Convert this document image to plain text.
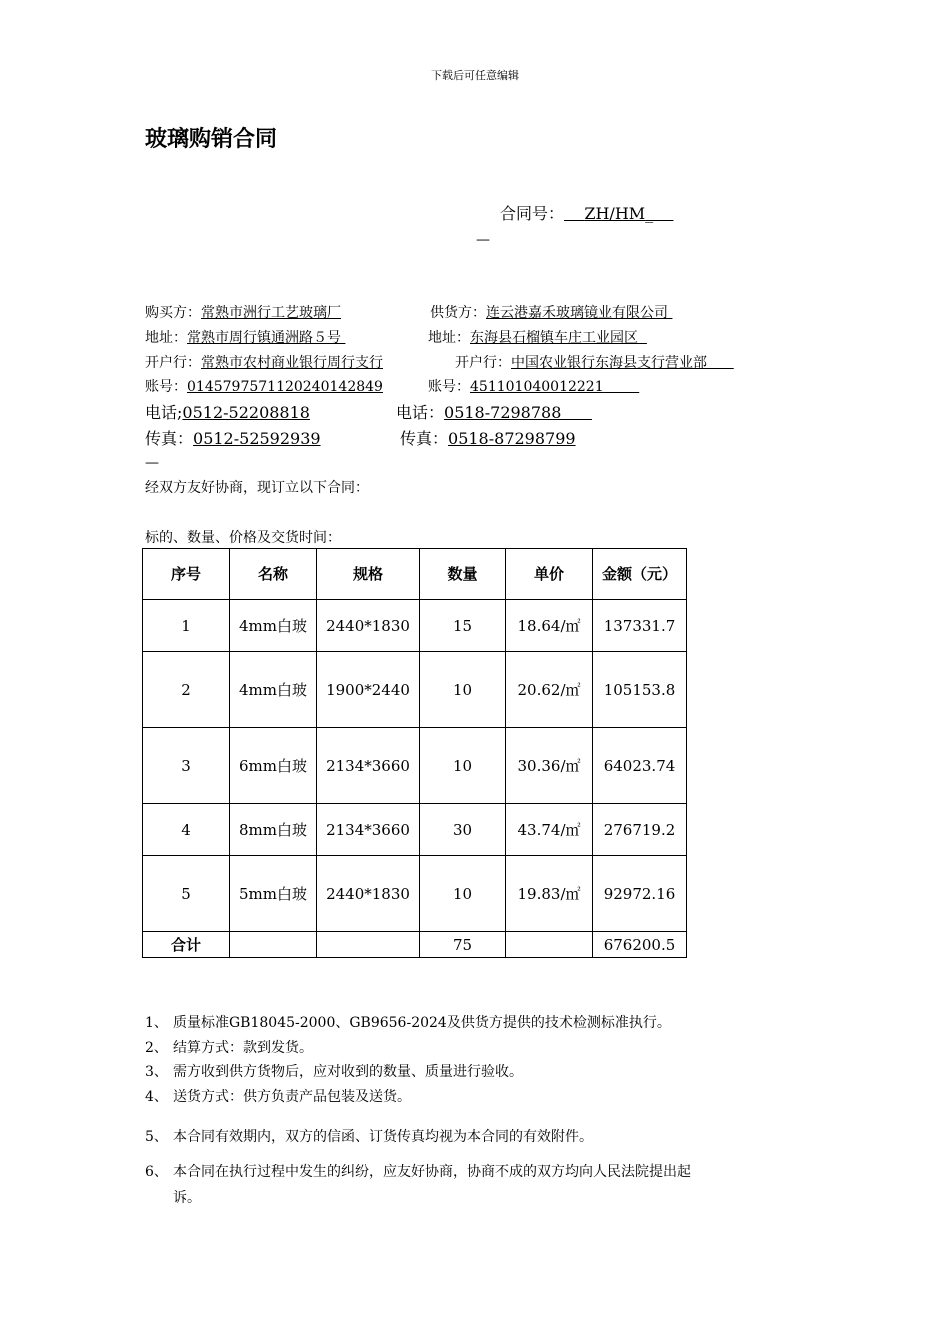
下载后可任意编辑
玻璃购销合同
合同号： ZH/HM_
—
购买方：常熟市洲行工艺玻璃厂	供货方：连云港嘉禾玻璃镜业有限公司
地址：常熟市周行镇通洲路５号	地址：东海县石榴镇车庄工业园区
开户行：常熟市农村商业银行周行支行	开户行：中国农业银行东海县支行营业部
账号：0145797571120240142849	账号：451101040012221
电话;0512-52208818	电话：0518-7298788
传真：0512-52592939	传真：0518-87298799
—
经双方友好协商，现订立以下合同：
标的、数量、价格及交货时间：
序号	名称	规格	数量	单价	金额（元）
1	4mm白玻	2440*1830	15	18.64/㎡	137331.7
2	4mm白玻	1900*2440	10	20.62/㎡	105153.8
3	6mm白玻	2134*3660	10	30.36/㎡	64023.74
4	8mm白玻	2134*3660	30	43.74/㎡	276719.2
5	5mm白玻	2440*1830	10	19.83/㎡	92972.16
合计			75		676200.5
1、 质量标准GB18045-2000、GB9656-2024及供货方提供的技术检测标准执行。
2、 结算方式：款到发货。
3、 需方收到供方货物后，应对收到的数量、质量进行验收。
4、 送货方式：供方负责产品包装及送货。
5、 本合同有效期内，双方的信函、订货传真均视为本合同的有效附件。
6、 本合同在执行过程中发生的纠纷，应友好协商，协商不成的双方均向人民法院提出起
诉。
